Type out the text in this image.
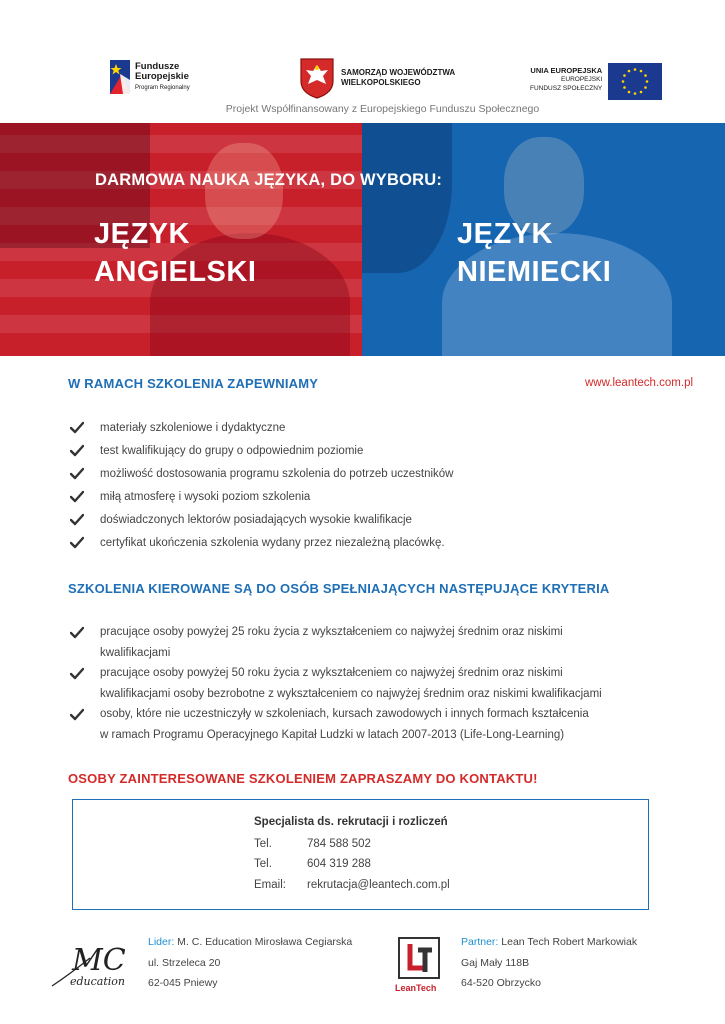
Fundusze
Europejskie
Program Regionalny
SAMORZĄD WOJEWÓDZTWA
WIELKOPOLSKIEGO
UNIA EUROPEJSKA
EUROPEJSKI
FUNDUSZ SPOŁECZNY
Projekt Współfinansowany z Europejskiego Funduszu Społecznego
DARMOWA NAUKA JĘZYKA, DO WYBORU:
JĘZYK
ANGIELSKI
JĘZYK
NIEMIECKI
W RAMACH SZKOLENIA ZAPEWNIAMY	www.leantech.com.pl
materiały szkoleniowe i dydaktyczne
test kwalifikujący do grupy o odpowiednim poziomie
możliwość dostosowania programu szkolenia do potrzeb uczestników
miłą atmosferę i wysoki poziom szkolenia
doświadczonych lektorów posiadających wysokie kwalifikacje
certyfikat ukończenia szkolenia wydany przez niezależną placówkę.
SZKOLENIA KIEROWANE SĄ DO OSÓB SPEŁNIAJĄCYCH NASTĘPUJĄCE KRYTERIA
pracujące osoby powyżej 25 roku życia z wykształceniem co najwyżej średnim oraz niskimi
kwalifikacjami
pracujące osoby powyżej 50 roku życia z wykształceniem co najwyżej średnim oraz niskimi
kwalifikacjami osoby bezrobotne z wykształceniem co najwyżej średnim oraz niskimi kwalifikacjami
osoby, które nie uczestniczyły w szkoleniach, kursach zawodowych i innych formach kształcenia
w ramach Programu Operacyjnego Kapitał Ludzki w latach 2007-2013 (Life-Long-Learning)
OSOBY ZAINTERESOWANE SZKOLENIEM ZAPRASZAMY DO KONTAKTU!
Specjalista ds. rekrutacji i rozliczeń
Tel.	784 588 502
Tel.	604 319 288
Email: rekrutacja@leantech.com.pl
MC
education
Lider: M. C. Education Mirosława Cegiarska
ul. Strzeleca 20
62-045 Pniewy	LeanTech
Partner: Lean Tech Robert Markowiak
Gaj Mały 118B
64-520 Obrzycko
